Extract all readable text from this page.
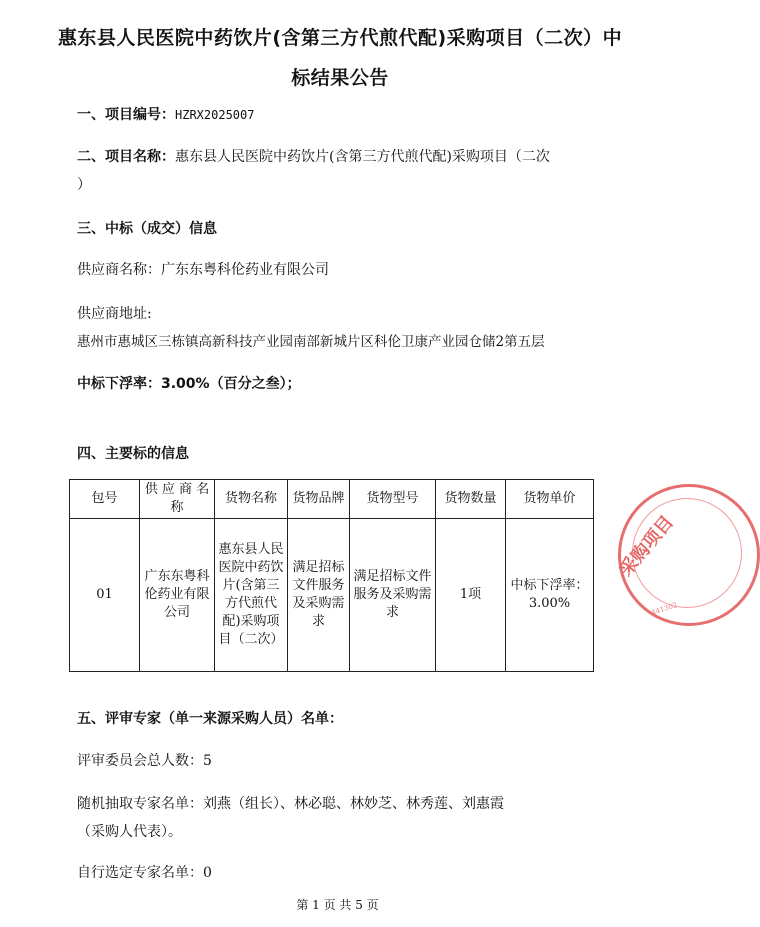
惠东县人民医院中药饮片(含第三方代煎代配)采购项目（二次）中标结果公告
一、项目编号：HZRX2025007
二、项目名称：惠东县人民医院中药饮片(含第三方代煎代配)采购项目（二次
）
三、中标（成交）信息
供应商名称：广东东粤科伦药业有限公司
供应商地址:
惠州市惠城区三栋镇高新科技产业园南部新城片区科伦卫康产业园仓储2第五层
中标下浮率：3.00%（百分之叁）；
四、主要标的信息
包号	供 应 商 名称	货物名称	货物品牌	货物型号	货物数量	货物单价
01	广东东粤科伦药业有限公司	惠东县人民医院中药饮片(含第三方代煎代配)采购项目（二次）	满足招标文件服务及采购需求	满足招标文件服务及采购需求	1项	中标下浮率：3.00%
五、评审专家（单一来源采购人员）名单：
评审委员会总人数：5
随机抽取专家名单：刘燕（组长）、林必聪、林妙芝、林秀莲、刘惠霞
（采购人代表）。
自行选定专家名单：0
采购项目
441302
第 1 页 共 5 页
